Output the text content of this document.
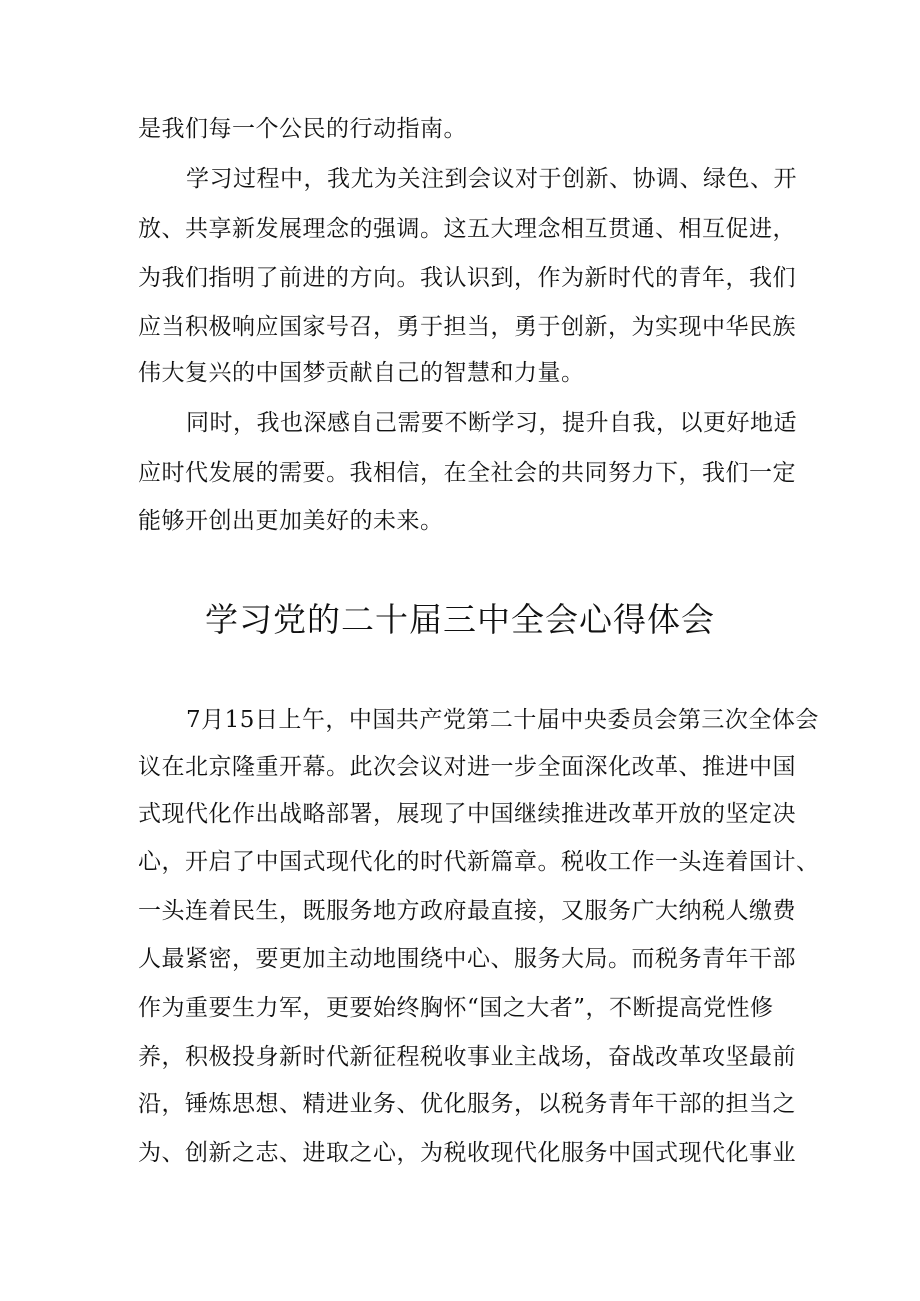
是我们每一个公民的行动指南。
学习过程中，我尤为关注到会议对于创新、协调、绿色、开
放、共享新发展理念的强调。这五大理念相互贯通、相互促进，
为我们指明了前进的方向。我认识到，作为新时代的青年，我们
应当积极响应国家号召，勇于担当，勇于创新，为实现中华民族
伟大复兴的中国梦贡献自己的智慧和力量。
同时，我也深感自己需要不断学习，提升自我，以更好地适
应时代发展的需要。我相信，在全社会的共同努力下，我们一定
能够开创出更加美好的未来。
学习党的二十届三中全会心得体会
7月15日上午，中国共产党第二十届中央委员会第三次全体会
议在北京隆重开幕。此次会议对进一步全面深化改革、推进中国
式现代化作出战略部署，展现了中国继续推进改革开放的坚定决
心，开启了中国式现代化的时代新篇章。税收工作一头连着国计、
一头连着民生，既服务地方政府最直接，又服务广大纳税人缴费
人最紧密，要更加主动地围绕中心、服务大局。而税务青年干部
作为重要生力军，更要始终胸怀“国之大者”，不断提高党性修
养，积极投身新时代新征程税收事业主战场，奋战改革攻坚最前
沿，锤炼思想、精进业务、优化服务，以税务青年干部的担当之
为、创新之志、进取之心，为税收现代化服务中国式现代化事业
